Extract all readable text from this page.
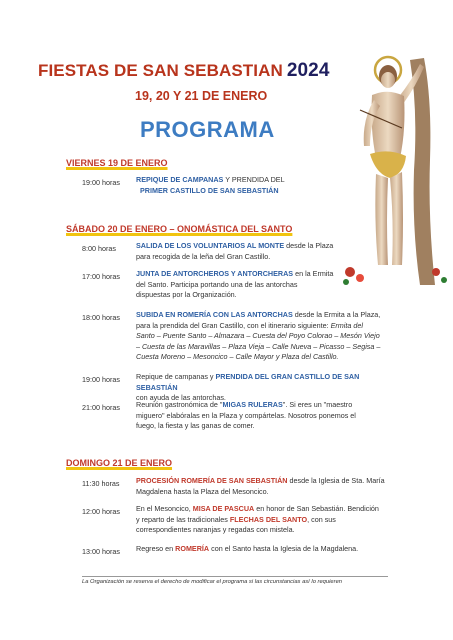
FIESTAS DE SAN SEBASTIAN 2024
19, 20 Y 21 DE ENERO
PROGRAMA
VIERNES 19 DE ENERO
19:00 horas REPIQUE DE CAMPANAS Y PRENDIDA DEL
PRIMER CASTILLO DE SAN SEBASTIÁN
SÁBADO 20 DE ENERO – ONOMÁSTICA DEL SANTO
8:00 horas	SALIDA DE LOS VOLUNTARIOS AL MONTE desde la Plaza
para recogida de la leña del Gran Castillo.
17:00 horas JUNTA DE ANTORCHEROS Y ANTORCHERAS en la Ermita
del Santo. Participa portando una de las antorchas
dispuestas por la Organización.
18:00 horas SUBIDA EN ROMERÍA CON LAS ANTORCHAS desde la Ermita a la Plaza,
para la prendida del Gran Castillo, con el itinerario siguiente: Ermita del
Santo – Puente Santo – Almazara – Cuesta del Poyo Colorao – Mesón Viejo
– Cuesta de las Maravillas – Plaza Vieja – Calle Nueva – Picasso – Segisa –
Cuesta Moreno – Mesoncico – Calle Mayor y Plaza del Castillo.
19:00 horas Repique de campanas y PRENDIDA DEL GRAN CASTILLO DE SAN SEBASTIÁN
con ayuda de las antorchas.
21:00 horas Reunión gastronómica de "MIGAS RULERAS". Si eres un "maestro
miguero" elabóralas en la Plaza y compártelas. Nosotros ponemos el
fuego, la fiesta y las ganas de comer.
DOMINGO 21 DE ENERO
11:30 horas PROCESIÓN ROMERÍA DE SAN SEBASTIÁN desde la Iglesia de Sta. María
Magdalena hasta la Plaza del Mesoncico.
12:00 horas En el Mesoncico, MISA DE PASCUA en honor de San Sebastián. Bendición
y reparto de las tradicionales FLECHAS DEL SANTO, con sus
correspondientes naranjas y regadas con mistela.
13:00 horas Regreso en ROMERÍA con el Santo hasta la Iglesia de la Magdalena.
La Organización se reserva el derecho de modificar el programa si las circunstancias así lo requieren
